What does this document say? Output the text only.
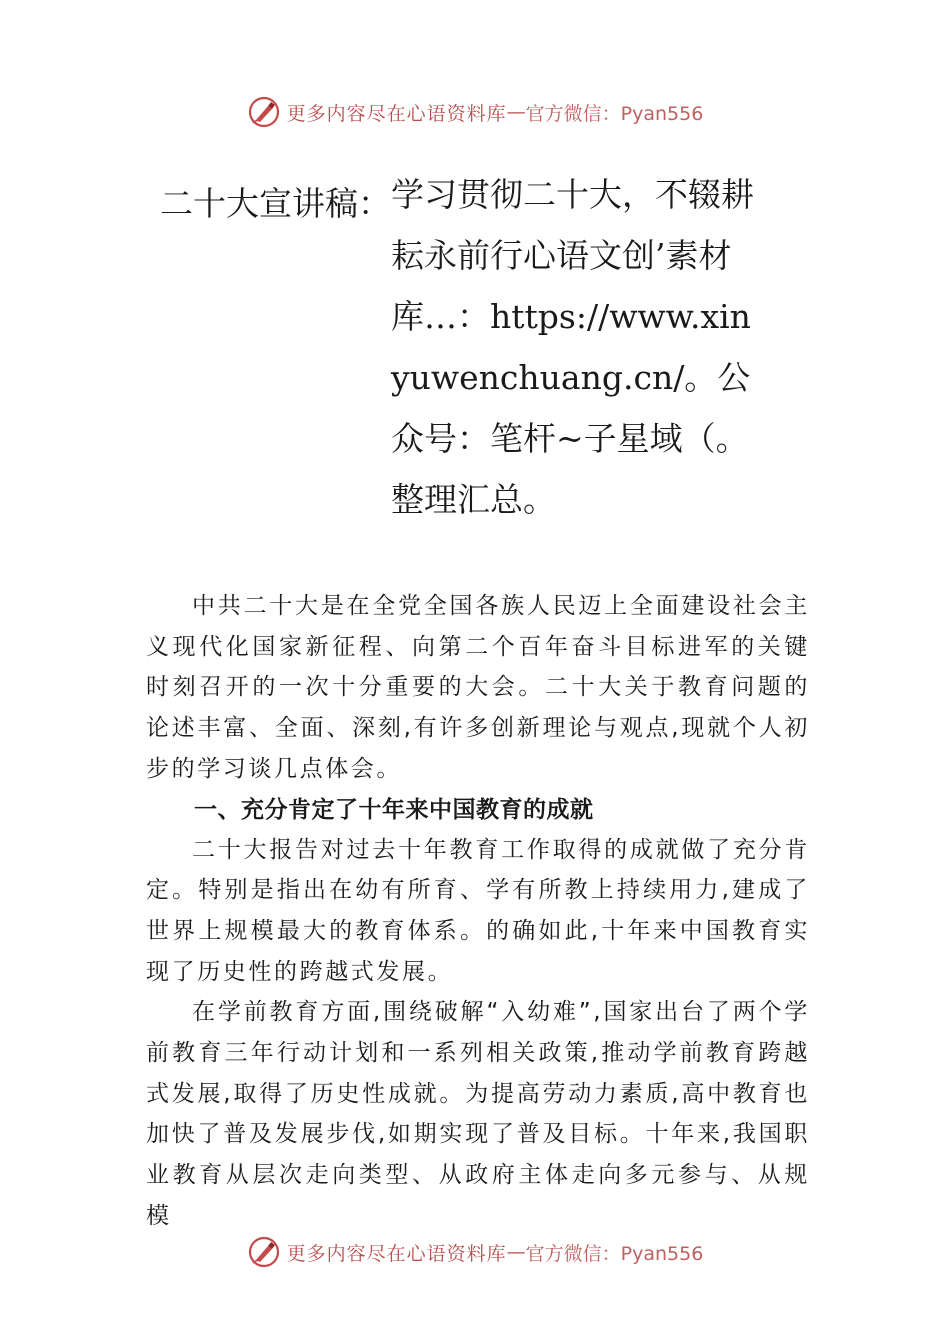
更多内容尽在心语资料库 — 官方微信：Pyan556
二十大宣讲稿： 学习贯彻二十大，不辍耕耘永前行心语文创’素材库…：https://www.xinyuwenchuang.cn/。公众号：笔杆~子星域（。整理汇总。

中共二十大是在全党全国各族人民迈上全面建设社会主义现代化国家新征程、向第二个百年奋斗目标进军的关键时刻召开的一次十分重要的大会。二十大关于教育问题的论述丰富、全面、深刻,有许多创新理论与观点,现就个人初步的学习谈几点体会。

一、充分肯定了十年来中国教育的成就

二十大报告对过去十年教育工作取得的成就做了充分肯定。特别是指出在幼有所育、学有所教上持续用力,建成了世界上规模最大的教育体系。的确如此,十年来中国教育实现了历史性的跨越式发展。

在学前教育方面,围绕破解“入幼难”,国家出台了两个学前教育三年行动计划和一系列相关政策,推动学前教育跨越式发展,取得了历史性成就。为提高劳动力素质,高中教育也加快了普及发展步伐,如期实现了普及目标。十年来,我国职业教育从层次走向类型、从政府主体走向多元参与、从规模

更多内容尽在心语资料库 — 官方微信：Pyan556
